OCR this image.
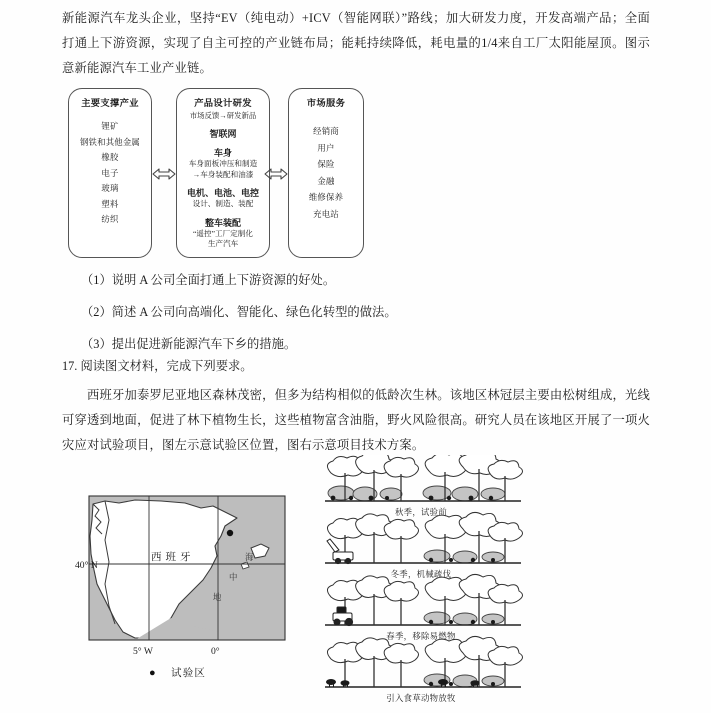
新能源汽车龙头企业，坚持“EV（纯电动）+ICV（智能网联）”路线；加大研发力度，开发高端产品；全面打通上下游资源，实现了自主可控的产业链布局；能耗持续降低，耗电量的1/4来自工厂太阳能屋顶。图示意新能源汽车工业产业链。
主要支撑产业
锂矿
钢铁和其他金属
橡胶
电子
玻璃
塑料
纺织
产品设计研发
市场反馈→研发新品
智联网
车身
车身面板冲压和制造
→车身装配和油漆
电机、电池、电控
设计、制造、装配
整车装配
“遥控”工厂定制化
生产汽车
市场服务
经销商
用户
保险
金融
维修保养
充电站
（1）说明 A 公司全面打通上下游资源的好处。
（2）简述 A 公司向高端化、智能化、绿色化转型的做法。
（3）提出促进新能源汽车下乡的措施。
17. 阅读图文材料，完成下列要求。
西班牙加泰罗尼亚地区森林茂密，但多为结构相似的低龄次生林。该地区林冠层主要由松树组成，光线可穿透到地面，促进了林下植物生长，这些植物富含油脂，野火风险很高。研究人员在该地区开展了一项火灾应对试验项目，图左示意试验区位置，图右示意项目技术方案。
西班牙	海
中
地
40° N
5° W	0°
● 试验区
秋季，试验前
冬季，机械疏伐
春季，移除易燃物
引入食草动物放牧
